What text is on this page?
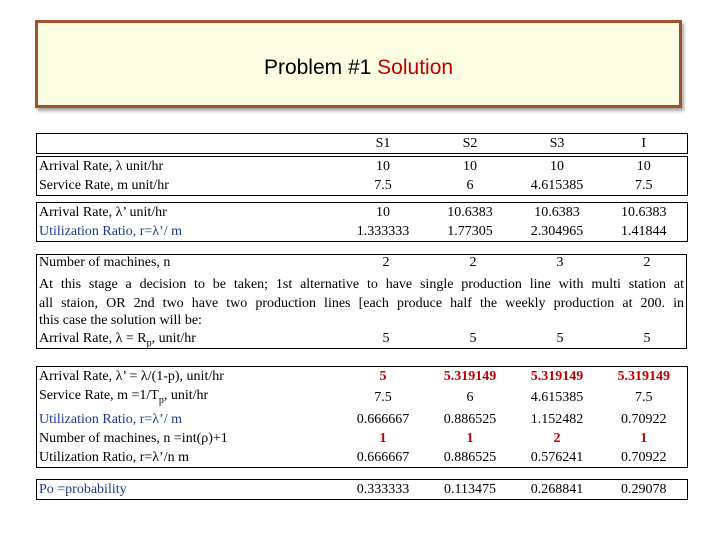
Problem #1 Solution
	S1	S2	S3	I
Arrival Rate, λ unit/hr	10	10	10	10
Service Rate, m unit/hr	7.5	6	4.615385	7.5
Arrival Rate, λ’ unit/hr	10	10.6383	10.6383	10.6383
Utilization Ratio, r=λ’/ m	1.333333	1.77305	2.304965	1.41844
Number of machines, n	2	2	3	2
At this stage a decision to be taken; 1st alternative to have single production line with multi station at
all staion, OR 2nd two have two production lines [each produce half the weekly production at 200. in
this case the solution will be:
Arrival Rate, $\lambda = R_p$, unit/hr	5	5	5	5
Arrival Rate, λ’ = λ/(1-p), unit/hr	5	5.319149	5.319149	5.319149
Service Rate, $m =1/T_p$, unit/hr	7.5	6	4.615385	7.5
Utilization Ratio, r=λ’/ m	0.666667	0.886525	1.152482	0.70922
Number of machines, n =int(ρ)+1	1	1	2	1
Utilization Ratio, r=λ’/n m	0.666667	0.886525	0.576241	0.70922
Po =probability	0.333333	0.113475	0.268841	0.29078
